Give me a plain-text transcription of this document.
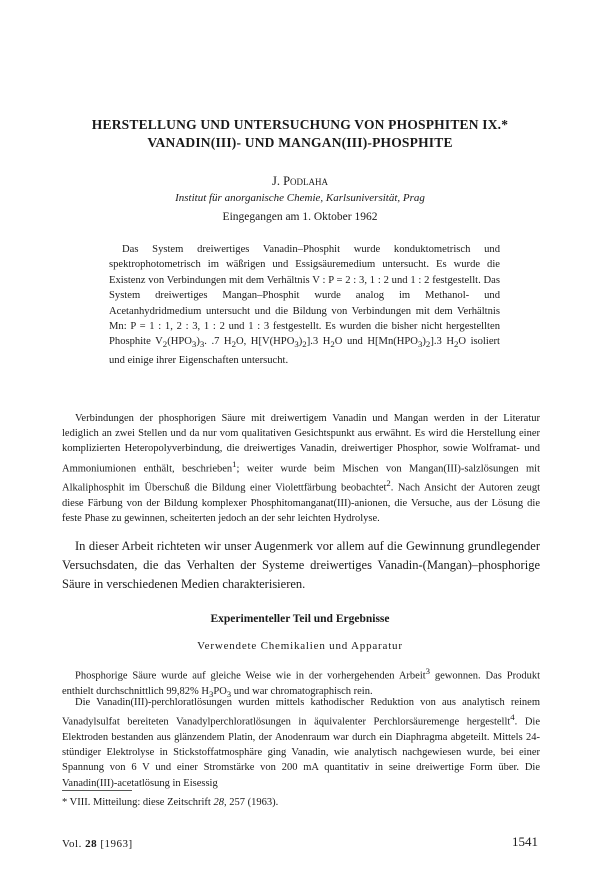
HERSTELLUNG UND UNTERSUCHUNG VON PHOSPHITEN IX.*
VANADIN(III)- UND MANGAN(III)-PHOSPHITE
J. Podlaha
Institut für anorganische Chemie, Karlsuniversität, Prag
Eingegangen am 1. Oktober 1962

Das System dreiwertiges Vanadin–Phosphit wurde konduktometrisch und spektrophotometrisch im wäßrigen und Essigsäuremedium untersucht. Es wurde die Existenz von Verbindungen mit dem Verhältnis V : P = 2 : 3, 1 : 2 und 1 : 2 festgestellt. Das System dreiwertiges Mangan–Phosphit wurde analog im Methanol- und Acetanhydridmedium untersucht und die Bildung von Verbindungen mit dem Verhältnis Mn: P = 1 : 1, 2 : 3, 1 : 2 und 1 : 3 festgestellt. Es wurden die bisher nicht hergestellten Phosphite $V_2(HPO_3)_3$. .7 $H_2O$, $H[V(HPO_3)_2].3$ $H_2O$ und $H[Mn(HPO_3)_2].3$ $H_2O$ isoliert und einige ihrer Eigenschaften untersucht.

Verbindungen der phosphorigen Säure mit dreiwertigem Vanadin und Mangan werden in der Literatur lediglich an zwei Stellen und da nur vom qualitativen Gesichtspunkt aus erwähnt. Es wird die Herstellung einer komplizierten Heteropolyverbindung, die dreiwertiges Vanadin, dreiwertiger Phosphor, sowie Wolframat- und Ammoniumionen enthält, beschrieben$^1$; weiter wurde beim Mischen von Mangan(III)-salzlösungen mit Alkaliphosphit im Überschuß die Bildung einer Violettfärbung beobachtet$^2$. Nach Ansicht der Autoren zeugt diese Färbung von der Bildung komplexer Phosphitomanganat(III)-anionen, die Versuche, aus der Lösung die feste Phase zu gewinnen, scheiterten jedoch an der sehr leichten Hydrolyse.

In dieser Arbeit richteten wir unser Augenmerk vor allem auf die Gewinnung grundlegender Versuchsdaten, die das Verhalten der Systeme dreiwertiges Vanadin-(Mangan)–phosphorige Säure in verschiedenen Medien charakterisieren.

Experimenteller Teil und Ergebnisse
Verwendete Chemikalien und Apparatur

Phosphorige Säure wurde auf gleiche Weise wie in der vorhergehenden Arbeit$^3$ gewonnen. Das Produkt enthielt durchschnittlich 99,82% $H_3PO_3$ und war chromatographisch rein.

Die Vanadin(III)-perchloratlösungen wurden mittels kathodischer Reduktion von aus analytisch reinem Vanadylsulfat bereiteten Vanadylperchloratlösungen in äquivalenter Perchlorsäuremenge hergestellt$^4$. Die Elektroden bestanden aus glänzendem Platin, der Anodenraum war durch ein Diaphragma abgeteilt. Mittels 24-stündiger Elektrolyse in Stickstoffatmosphäre ging Vanadin, wie analytisch nachgewiesen wurde, bei einer Spannung von 6 V und einer Stromstärke von 200 mA quantitativ in seine dreiwertige Form über. Die Vanadin(III)-acetatlösung in Eisessig

* VIII. Mitteilung: diese Zeitschrift 28, 257 (1963).
Vol. 28 [1963]	1541
